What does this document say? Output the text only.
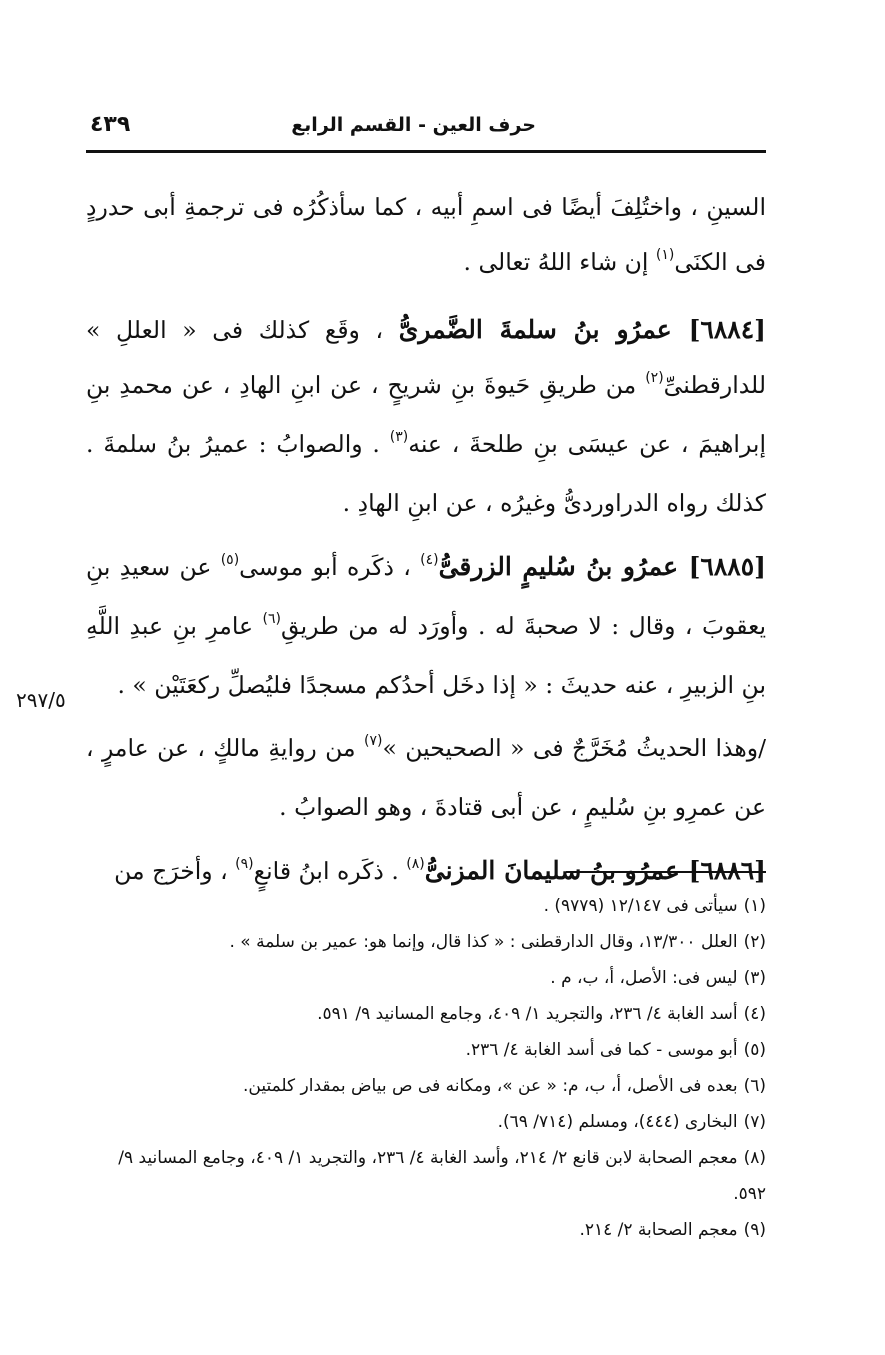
حرف العين - القسم الرابع
٤٣٩

السينِ ، واختُلِفَ أيضًا فى اسمِ أبيه ، كما سأذكُرُه فى ترجمةِ أبى حدردٍ فى الكنَى$^{(١)}$ إن شاء اللهُ تعالى .

[٦٨٨٤] عمرُو بنُ سلمةَ الضَّمرىُّ ، وقَع كذلك فى « العللِ » للدارقطنىِّ$^{(٢)}$ من طريقِ حَيوةَ بنِ شريحٍ ، عن ابنِ الهادِ ، عن محمدِ بنِ إبراهيمَ ، عن عيسَى بنِ طلحةَ ، عنه$^{(٣)}$ . والصوابُ : عميرُ بنُ سلمةَ . كذلك رواه الدراوردىُّ وغيرُه ، عن ابنِ الهادِ .

[٦٨٨٥] عمرُو بنُ سُليمٍ الزرقىُّ$^{(٤)}$ ، ذكَره أبو موسى$^{(٥)}$ عن سعيدِ بنِ يعقوبَ ، وقال : لا صحبةَ له . وأورَد له من طريقِ$^{(٦)}$ عامرِ بنِ عبدِ اللَّهِ بنِ الزبيرِ ، عنه حديثَ : « إذا دخَل أحدُكم مسجدًا فليُصلِّ ركعَتَيْن » .

/وهذا الحديثُ مُخَرَّجٌ فى « الصحيحين »$^{(٧)}$ من روايةِ مالكٍ ، عن عامرٍ ، عن عمرِو بنِ سُليمٍ ، عن أبى قتادةَ ، وهو الصوابُ .

[٦٨٨٦] عمرُو بنُ سليمانَ المزنىُّ$^{(٨)}$ . ذكَره ابنُ قانعٍ$^{(٩)}$ ، وأخرَج من

٢٩٧/٥

(١)سيأتى فى ١٢/١٤٧ (٩٧٧٩) .

(٢)العلل ١٣/٣٠٠، وقال الدارقطنى : « كذا قال، وإنما هو: عمير بن سلمة » .

(٣)ليس فى: الأصل، أ، ب، م .

(٤)أسد الغابة ٤/ ٢٣٦، والتجريد ١/ ٤٠٩، وجامع المسانيد ٩/ ٥٩١.

(٥)أبو موسى - كما فى أسد الغابة ٤/ ٢٣٦.

(٦)بعده فى الأصل، أ، ب، م: « عن »، ومكانه فى ص بياض بمقدار كلمتين.

(٧)البخارى (٤٤٤)، ومسلم (٧١٤/ ٦٩).

(٨)معجم الصحابة لابن قانع ٢/ ٢١٤، وأسد الغابة ٤/ ٢٣٦، والتجريد ١/ ٤٠٩، وجامع المسانيد ٩/ ٥٩٢.

(٩)معجم الصحابة ٢/ ٢١٤.
